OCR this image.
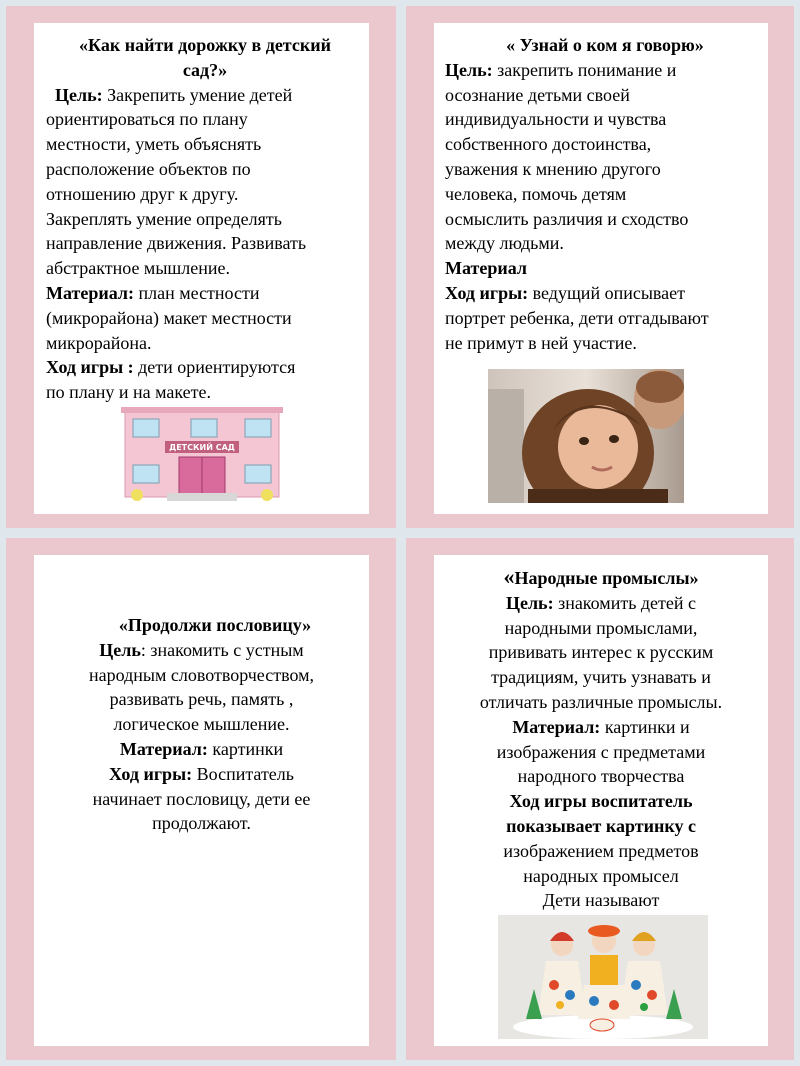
«Как найти дорожку в детский
сад?»
Цель: Закрепить умение детей
ориентироваться по плану
местности, уметь объяснять
расположение объектов по
отношению друг к другу.
Закреплять умение определять
направление движения. Развивать
абстрактное мышление.
Материал: план местности
(микрорайона) макет местности
микрорайона.
Ход игры : дети ориентируются
по плану и на макете.
ДЕТСКИЙ САД
« Узнай о ком я говорю»
Цель: закрепить понимание и
осознание детьми своей
индивидуальности и чувства
собственного достоинства,
уважения к мнению другого
человека, помочь детям
осмыслить различия и сходство
между людьми.
Материал
Ход игры: ведущий описывает
портрет ребенка, дети отгадывают
не примут в ней участие.
«Продолжи пословицу»
Цель: знакомить с устным
народным словотворчеством,
развивать речь, память ,
логическое мышление.
Материал: картинки
Ход игры: Воспитатель
начинает пословицу, дети ее
продолжают.
«Народные промыслы»
Цель: знакомить детей с
народными промыслами,
прививать интерес к русским
традициям, учить узнавать и
отличать различные промыслы.
Материал: картинки и
изображения с предметами
народного творчества
Ход игры воспитатель
показывает картинку с
изображением предметов
народных промысел
Дети называют
